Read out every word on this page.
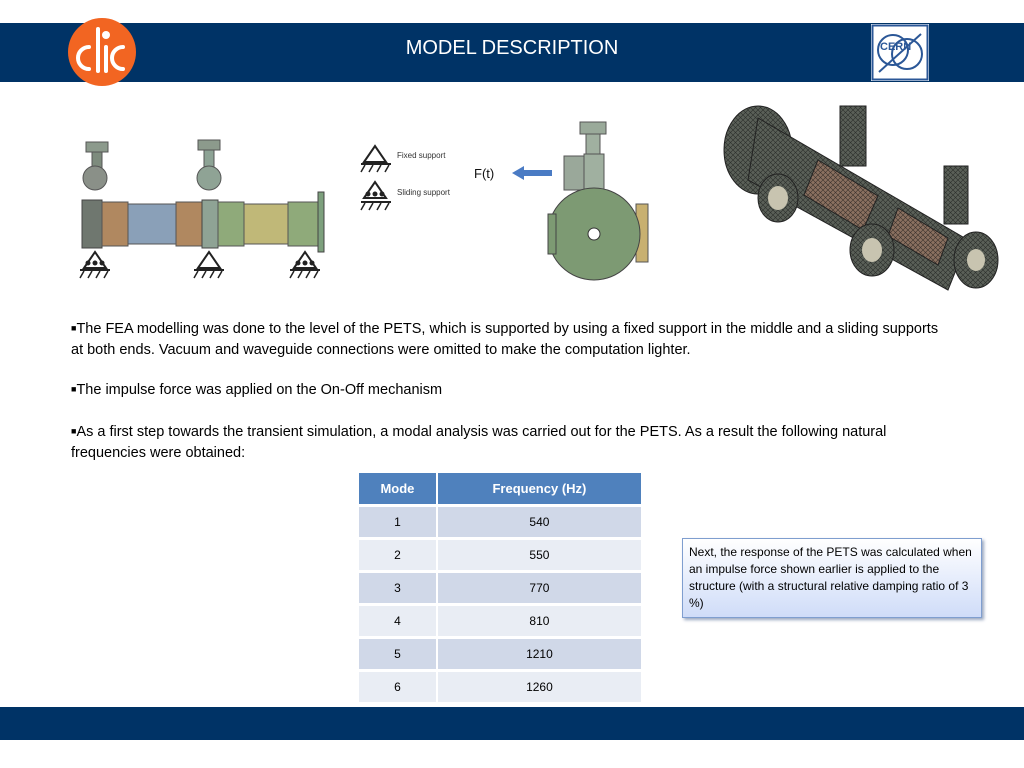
MODEL DESCRIPTION	CERN
Fixed support
Sliding support
F(t)
■The FEA modelling was done to the level of the PETS, which is supported by using a fixed support in the middle and a sliding supports at both ends. Vacuum and waveguide connections were omitted to make the computation lighter.
■The impulse force was applied on the On-Off mechanism
■As a first step towards the transient simulation, a modal analysis was carried out for the PETS. As a result the following natural frequencies were obtained:
Mode	Frequency (Hz)
1	540
2	550
3	770
4	810
5	1210
6	1260
Next, the response of the PETS was calculated when an impulse force shown earlier is applied to the structure (with a structural relative damping ratio of 3 %)
